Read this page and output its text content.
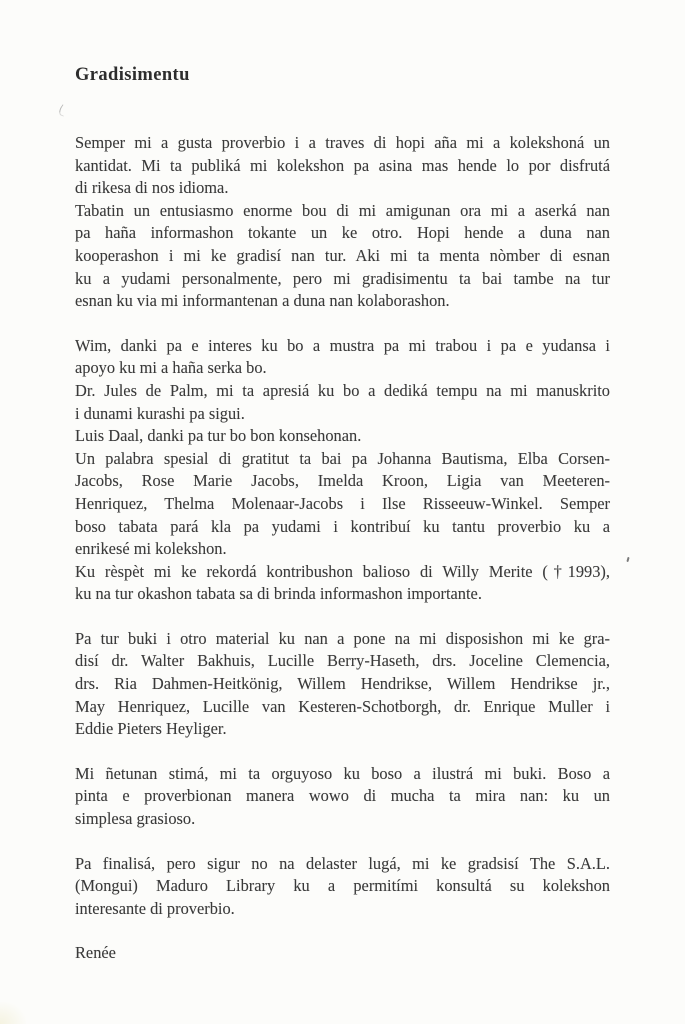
Gradisimentu
Semper mi a gusta proverbio i a traves di hopi aña mi a kolekshoná un
kantidat. Mi ta publiká mi kolekshon pa asina mas hende lo por disfrutá
di rikesa di nos idioma.
Tabatin un entusiasmo enorme bou di mi amigunan ora mi a aserká nan
pa haña informashon tokante un ke otro. Hopi hende a duna nan
kooperashon i mi ke gradisí nan tur. Aki mi ta menta nòmber di esnan
ku a yudami personalmente, pero mi gradisimentu ta bai tambe na tur
esnan ku via mi informantenan a duna nan kolaborashon.
Wim, danki pa e interes ku bo a mustra pa mi trabou i pa e yudansa i
apoyo ku mi a haña serka bo.
Dr. Jules de Palm, mi ta apresiá ku bo a dediká tempu na mi manuskrito
i dunami kurashi pa sigui.
Luis Daal, danki pa tur bo bon konsehonan.
Un palabra spesial di gratitut ta bai pa Johanna Bautisma, Elba Corsen-
Jacobs, Rose Marie Jacobs, Imelda Kroon, Ligia van Meeteren-
Henriquez, Thelma Molenaar-Jacobs i Ilse Risseeuw-Winkel. Semper
boso tabata pará kla pa yudami i kontribuí ku tantu proverbio ku a
enrikesé mi kolekshon.
Ku rèspèt mi ke rekordá kontribushon balioso di Willy Merite (†1993),
ku na tur okashon tabata sa di brinda informashon importante.
Pa tur buki i otro material ku nan a pone na mi disposishon mi ke gra-
disí dr. Walter Bakhuis, Lucille Berry-Haseth, drs. Joceline Clemencia,
drs. Ria Dahmen-Heitkönig, Willem Hendrikse, Willem Hendrikse jr.,
May Henriquez, Lucille van Kesteren-Schotborgh, dr. Enrique Muller i
Eddie Pieters Heyliger.
Mi ñetunan stimá, mi ta orguyoso ku boso a ilustrá mi buki. Boso a
pinta e proverbionan manera wowo di mucha ta mira nan: ku un
simplesa grasioso.
Pa finalisá, pero sigur no na delaster lugá, mi ke gradsisí The S.A.L.
(Mongui) Maduro Library ku a permitími konsultá su kolekshon
interesante di proverbio.
Renée
